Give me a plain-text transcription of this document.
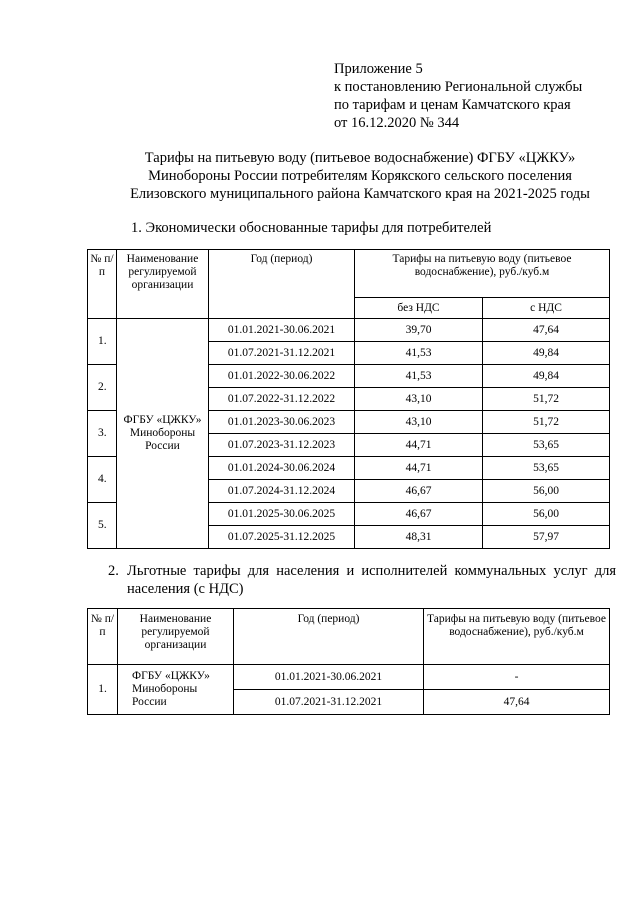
Приложение 5
к постановлению Региональной службы
по тарифам и ценам Камчатского края
от 16.12.2020 № 344
Тарифы на питьевую воду (питьевое водоснабжение) ФГБУ «ЦЖКУ»
Минобороны России потребителям Корякского сельского поселения
Елизовского муниципального района Камчатского края на 2021-2025 годы
1. Экономически обоснованные тарифы для потребителей
№ п/п	Наименование регулируемой организации	Год (период)	Тарифы на питьевую воду (питьевое водоснабжение), руб./куб.м	
			без НДС	с НДС
1.	ФГБУ «ЦЖКУ» Минобороны России	01.01.2021-30.06.2021	39,70	47,64
		01.07.2021-31.12.2021	41,53	49,84
2.		01.01.2022-30.06.2022	41,53	49,84
		01.07.2022-31.12.2022	43,10	51,72
3.		01.01.2023-30.06.2023	43,10	51,72
		01.07.2023-31.12.2023	44,71	53,65
4.		01.01.2024-30.06.2024	44,71	53,65
		01.07.2024-31.12.2024	46,67	56,00
5.		01.01.2025-30.06.2025	46,67	56,00
		01.07.2025-31.12.2025	48,31	57,97
2. Льготные тарифы для населения и исполнителей коммунальных услуг для населения (с НДС)
№ п/п	Наименование регулируемой организации	Год (период)	Тарифы на питьевую воду (питьевое водоснабжение), руб./куб.м
1.	ФГБУ «ЦЖКУ» Минобороны России	01.01.2021-30.06.2021	-
		01.07.2021-31.12.2021	47,64
